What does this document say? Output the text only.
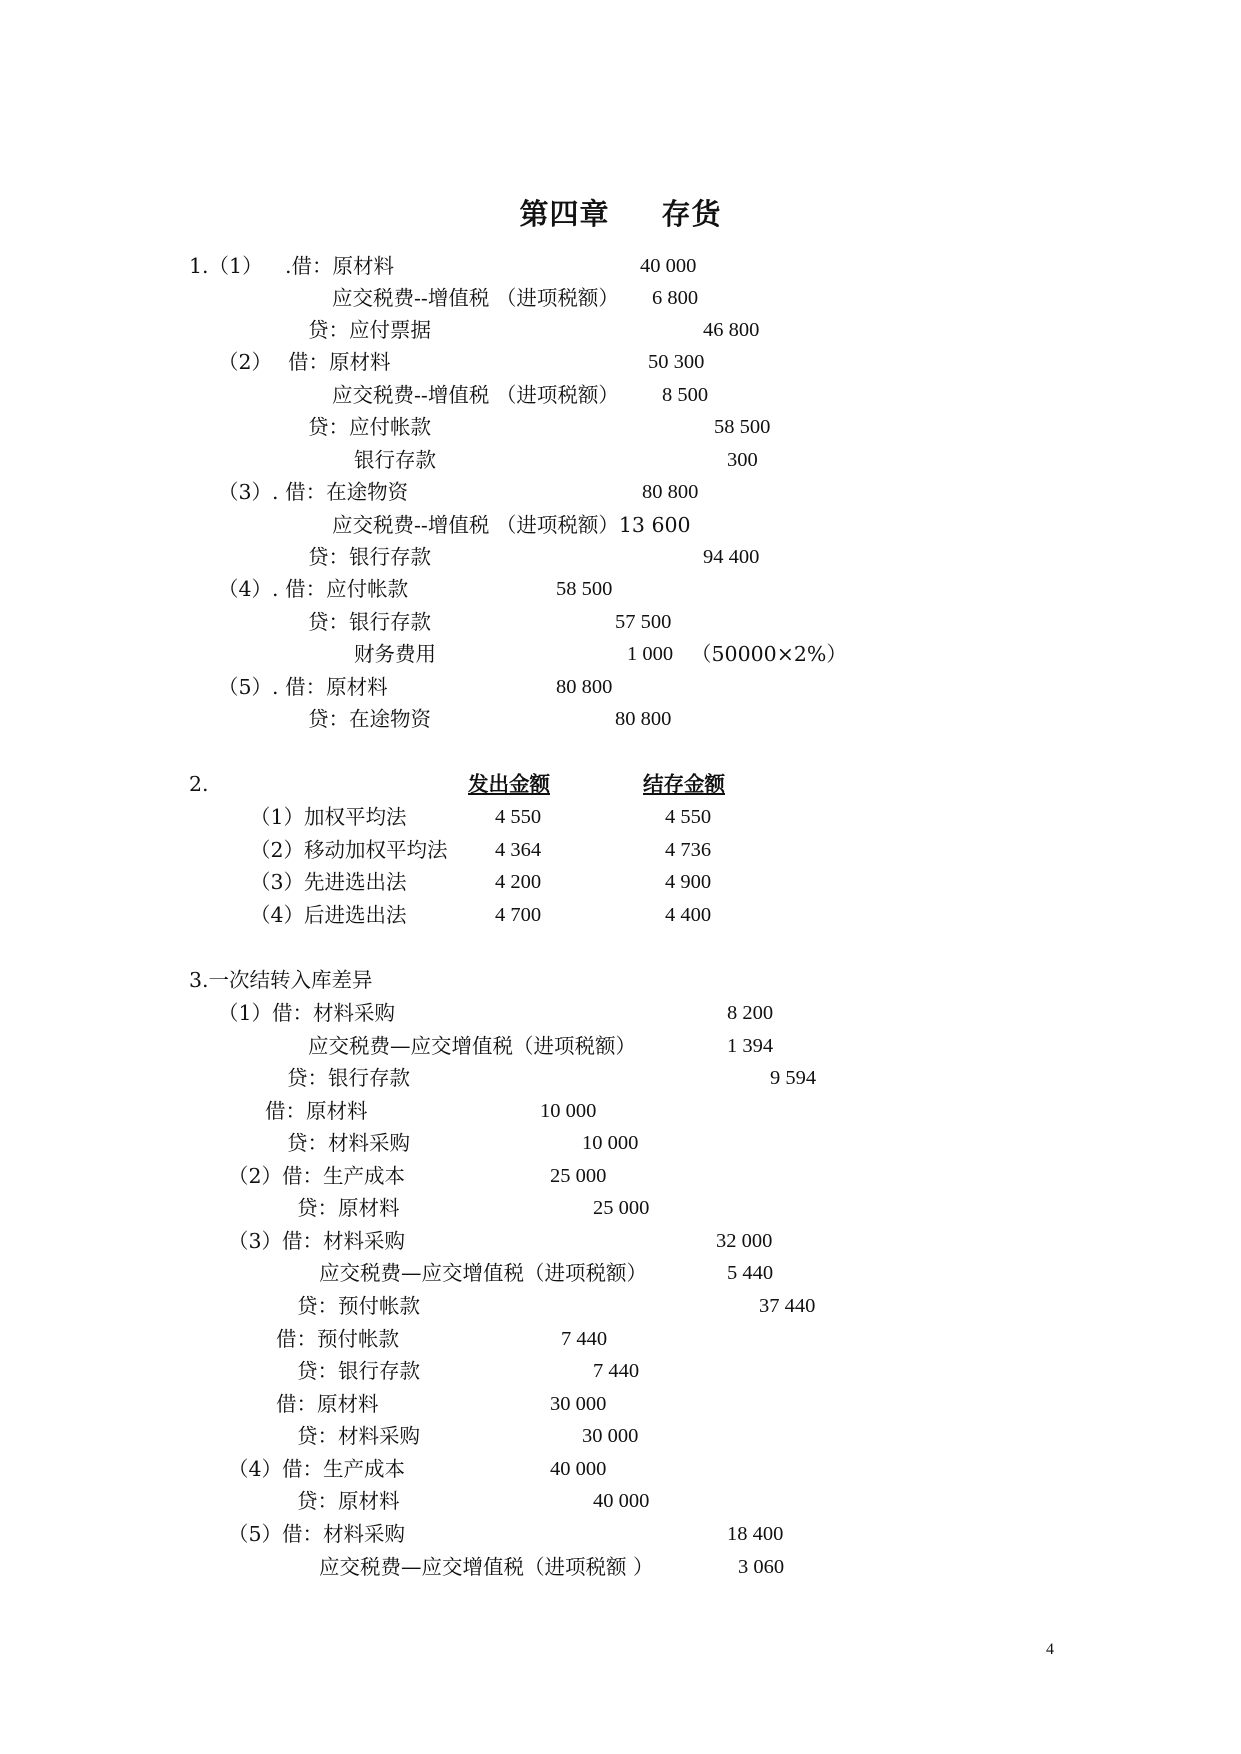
第四章 存货
1.（1） .借：原材料	40 000
应交税费--增值税 （进项税额） 6 800
贷：应付票据	46 800
（2） 借：原材料	50 300
应交税费--增值税 （进项税额） 8 500
贷：应付帐款	58 500
银行存款	300
（3）. 借：在途物资	80 800
应交税费--增值税 （进项税额）13 600
贷：银行存款	94 400
（4）. 借：应付帐款	58 500
贷：银行存款	57 500
财务费用	1 000 （50000×2%）
（5）. 借：原材料	80 800
贷：在途物资	80 800
2.	发出金额	结存金额
（1）加权平均法	4 550	4 550
（2）移动加权平均法 4 364	4 736
（3）先进选出法	4 200	4 900
（4）后进选出法	4 700	4 400
3.一次结转入库差异
（1）借：材料采购	8 200
应交税费—应交增值税（进项税额）	1 394
贷：银行存款	9 594
借：原材料	10 000
贷：材料采购	10 000
（2）借：生产成本	25 000
贷：原材料	25 000
（3）借：材料采购	32 000
应交税费—应交增值税（进项税额）	5 440
贷：预付帐款	37 440
借：预付帐款	7 440
贷：银行存款	7 440
借：原材料	30 000
贷：材料采购	30 000
（4）借：生产成本	40 000
贷：原材料	40 000
（5）借：材料采购	18 400
应交税费—应交增值税（进项税额 ）	3 060
4
